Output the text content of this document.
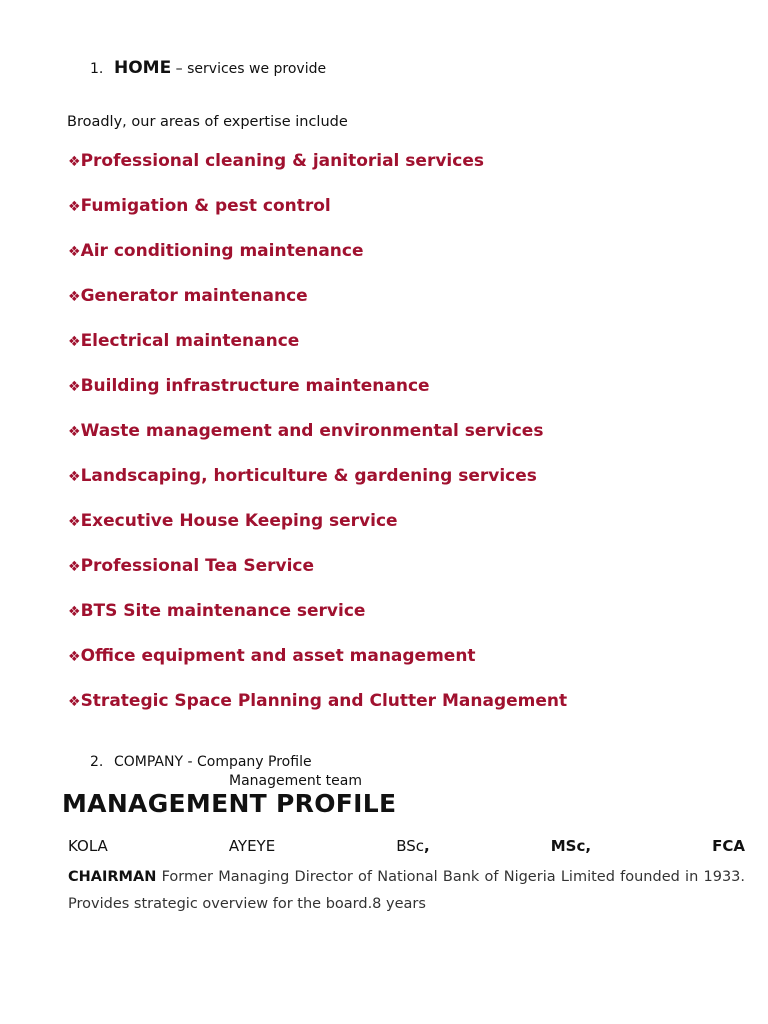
1. HOME – services we provide
Broadly, our areas of expertise include
❖Professional cleaning & janitorial services
❖Fumigation & pest control
❖Air conditioning maintenance
❖Generator maintenance
❖Electrical maintenance
❖Building infrastructure maintenance
❖Waste management and environmental services
❖Landscaping, horticulture & gardening services
❖Executive House Keeping service
❖Professional Tea Service
❖BTS Site maintenance service
❖Office equipment and asset management
❖Strategic Space Planning and Clutter Management
2. COMPANY - Company Profile
Management team
MANAGEMENT PROFILE
KOLA	AYEYE	BSc,	MSc,	FCA
CHAIRMAN Former Managing Director of National Bank of Nigeria Limited founded in 1933. Provides strategic overview for the board.8 years
